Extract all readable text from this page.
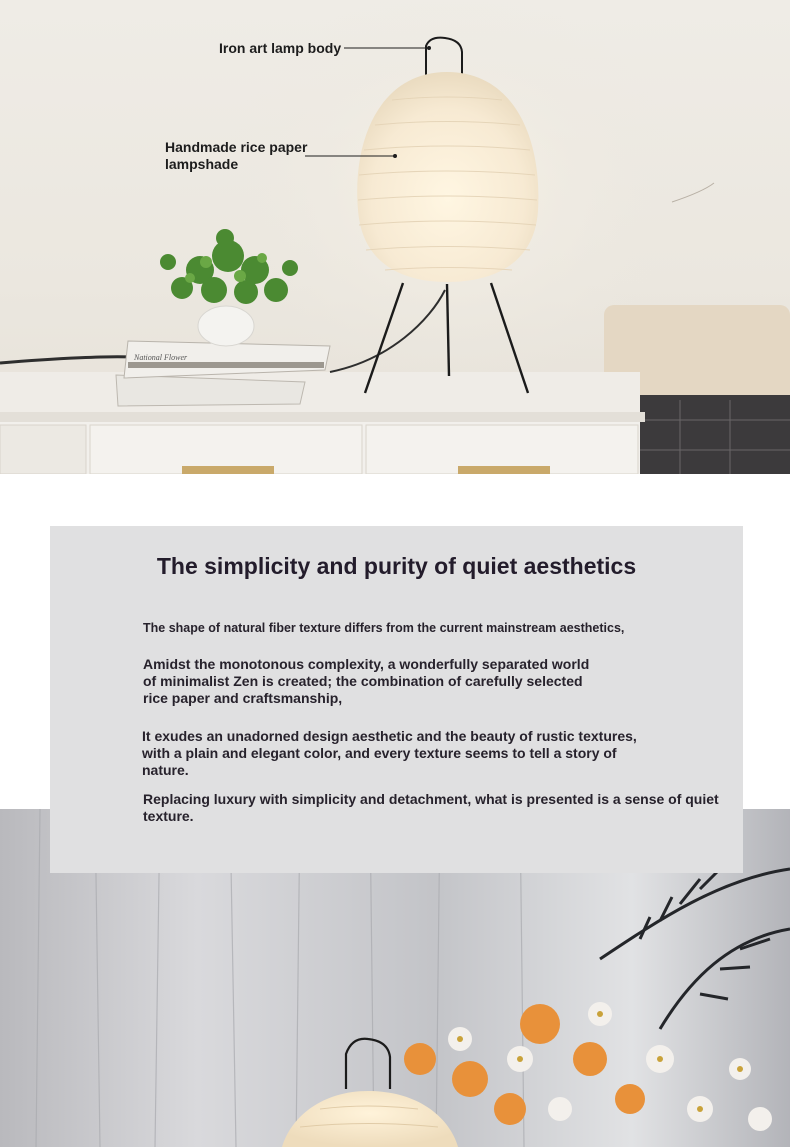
National Flower
Iron art lamp body
Handmade rice paper lampshade
The simplicity and purity of quiet aesthetics

The shape of natural fiber texture differs from the current mainstream aesthetics,

Amidst the monotonous complexity, a wonderfully separated world of minimalist Zen is created; the combination of carefully selected rice paper and craftsmanship,

It exudes an unadorned design aesthetic and the beauty of rustic textures, with a plain and elegant color, and every texture seems to tell a story of nature.

Replacing luxury with simplicity and detachment, what is presented is a sense of quiet texture.
